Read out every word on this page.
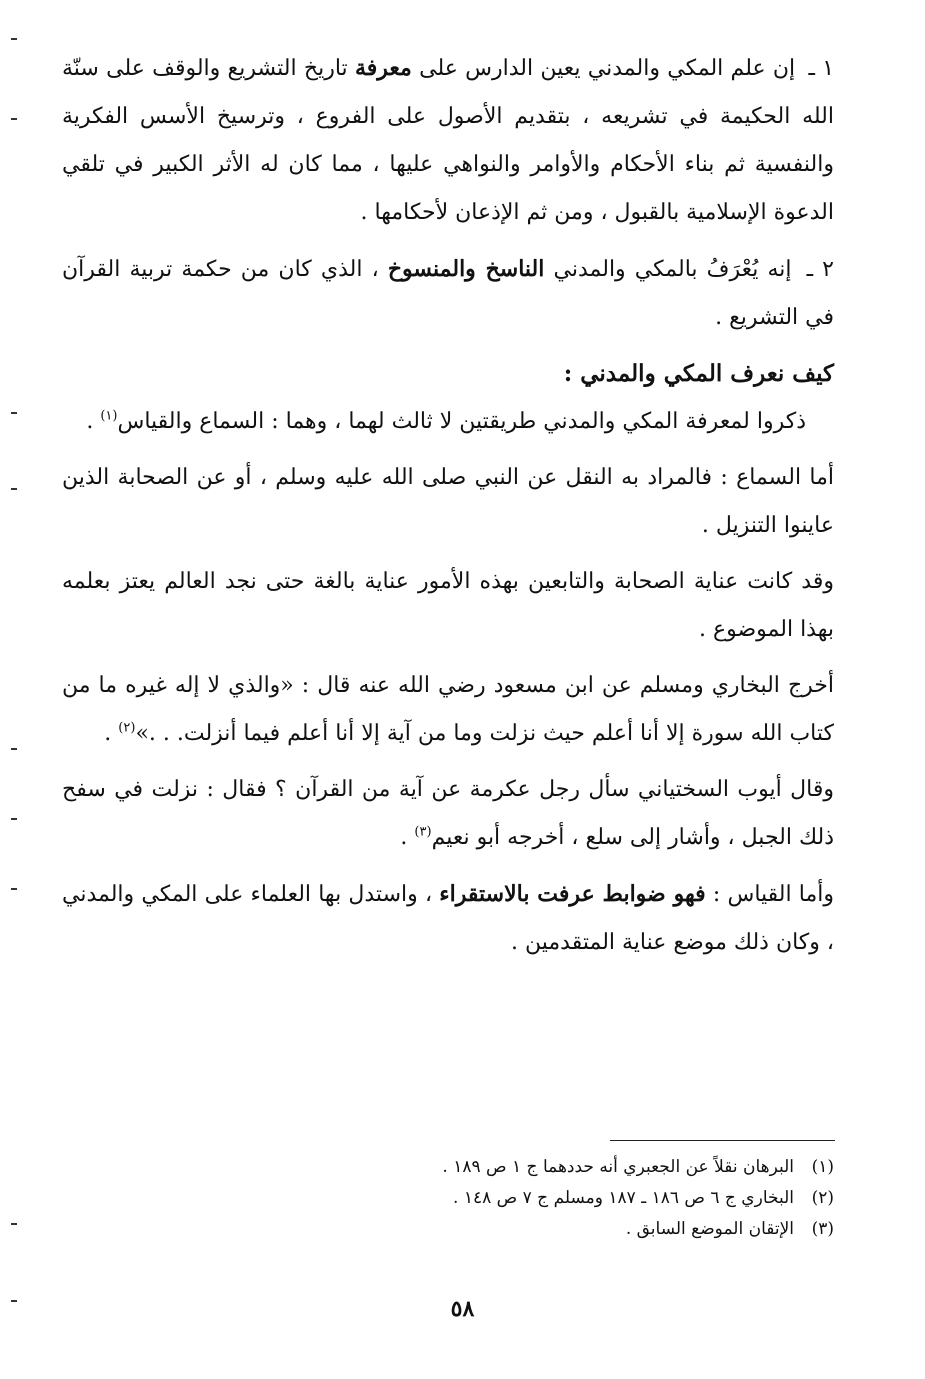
١ ـ إن علم المكي والمدني يعين الدارس على معرفة تاريخ التشريع والوقف على سنّة الله الحكيمة في تشريعه ، بتقديم الأصول على الفروع ، وترسيخ الأسس الفكرية والنفسية ثم بناء الأحكام والأوامر والنواهي عليها ، مما كان له الأثر الكبير في تلقي الدعوة الإسلامية بالقبول ، ومن ثم الإذعان لأحكامها .

٢ ـ إنه يُعْرَفُ بالمكي والمدني الناسخ والمنسوخ ، الذي كان من حكمة تربية القرآن في التشريع .

كيف نعرف المكي والمدني :

ذكروا لمعرفة المكي والمدني طريقتين لا ثالث لهما ، وهما : السماع والقياس$^{(١)}$ .

أما السماع : فالمراد به النقل عن النبي صلى الله عليه وسلم ، أو عن الصحابة الذين عاينوا التنزيل .

وقد كانت عناية الصحابة والتابعين بهذه الأمور عناية بالغة حتى نجد العالم يعتز بعلمه بهذا الموضوع .

أخرج البخاري ومسلم عن ابن مسعود رضي الله عنه قال : «والذي لا إله غيره ما من كتاب الله سورة إلا أنا أعلم حيث نزلت وما من آية إلا أنا أعلم فيما أنزلت. . .»$^{(٢)}$ .

وقال أيوب السختياني سأل رجل عكرمة عن آية من القرآن ؟ فقال : نزلت في سفح ذلك الجبل ، وأشار إلى سلع ، أخرجه أبو نعيم$^{(٣)}$ .

وأما القياس : فهو ضوابط عرفت بالاستقراء ، واستدل بها العلماء على المكي والمدني ، وكان ذلك موضع عناية المتقدمين .

(١)البرهان نقلاً عن الجعبري أنه حددهما ج ١ ص ١٨٩ .
(٢)البخاري ج ٦ ص ١٨٦ ـ ١٨٧ ومسلم ج ٧ ص ١٤٨ .
(٣)الإتقان الموضع السابق .
٥٨
